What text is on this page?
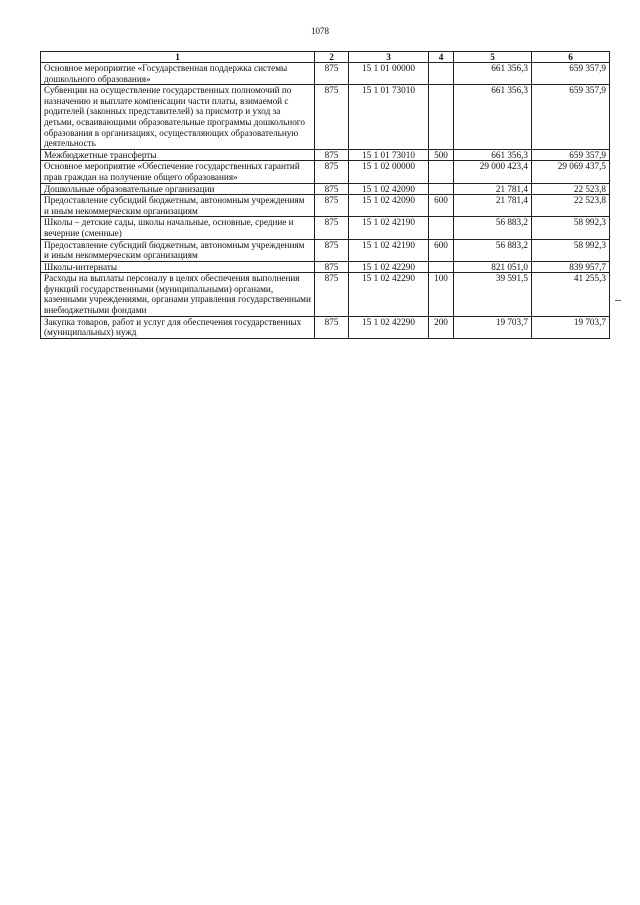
1078
1	2	3	4	5	6
Основное мероприятие «Государственная поддержка системы дошкольного образования»	875	15 1 01 00000		661 356,3	659 357,9
Субвенции на осуществление государственных полномочий по назначению и выплате компенсации части платы, взимаемой с родителей (законных представителей) за присмотр и уход за детьми, осваивающими образовательные программы дошкольного образования в организациях, осуществляющих образовательную деятельность	875	15 1 01 73010		661 356,3	659 357,9
Межбюджетные трансферты	875	15 1 01 73010	500	661 356,3	659 357,9
Основное мероприятие «Обеспечение государственных гарантий прав граждан на получение общего образования»	875	15 1 02 00000		29 000 423,4	29 069 437,5
Дошкольные образовательные организации	875	15 1 02 42090		21 781,4	22 523,8
Предоставление субсидий бюджетным, автономным учреждениям и иным некоммерческим организациям	875	15 1 02 42090	600	21 781,4	22 523,8
Школы – детские сады, школы начальные, основные, средние и вечерние (сменные)	875	15 1 02 42190		56 883,2	58 992,3
Предоставление субсидий бюджетным, автономным учреждениям и иным некоммерческим организациям	875	15 1 02 42190	600	56 883,2	58 992,3
Школы-интернаты	875	15 1 02 42290		821 051,0	839 957,7
Расходы на выплаты персоналу в целях обеспечения выполнения функций государственными (муниципальными) органами, казенными учреждениями, органами управления государственными внебюджетными фондами	875	15 1 02 42290	100	39 591,5	41 255,3
Закупка товаров, работ и услуг для обеспечения государственных (муниципальных) нужд	875	15 1 02 42290	200	19 703,7	19 703,7
